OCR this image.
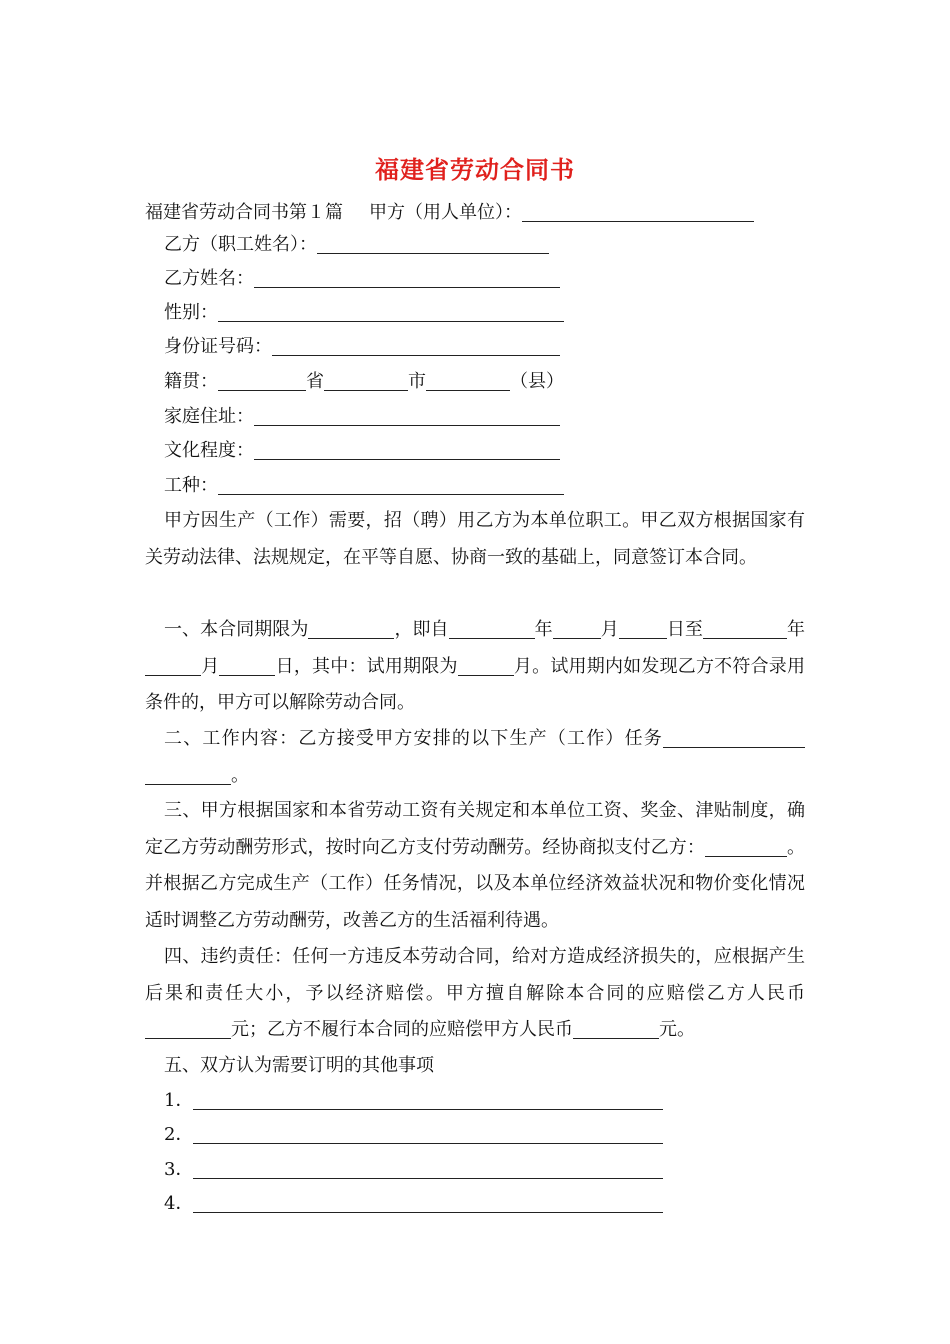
福建省劳动合同书
福建省劳动合同书第１篇 甲方（用人单位）：
乙方（职工姓名）：
乙方姓名：
性别：
身份证号码：
籍贯：	省	市	（县）
家庭住址：
文化程度：
工种：
甲方因生产（工作）需要，招（聘）用乙方为本单位职工。甲乙双方根据国家有关劳动法律、法规规定，在平等自愿、协商一致的基础上，同意签订本合同。
一、本合同期限为	，即自	年	月	日至	年月	日，其中：试用期限为	月。试用期内如发现乙方不符合录用条件的，甲方可以解除劳动合同。
二、工作内容：乙方接受甲方安排的以下生产（工作）任务。
三、甲方根据国家和本省劳动工资有关规定和本单位工资、奖金、津贴制度，确定乙方劳动酬劳形式，按时向乙方支付劳动酬劳。经协商拟支付乙方：	。并根据乙方完成生产（工作）任务情况，以及本单位经济效益状况和物价变化情况适时调整乙方劳动酬劳，改善乙方的生活福利待遇。
四、违约责任：任何一方违反本劳动合同，给对方造成经济损失的，应根据产生后果和责任大小，予以经济赔偿。甲方擅自解除本合同的应赔偿乙方人民币元；乙方不履行本合同的应赔偿甲方人民币	元。
五、双方认为需要订明的其他事项
1．
2．
3．
4．
